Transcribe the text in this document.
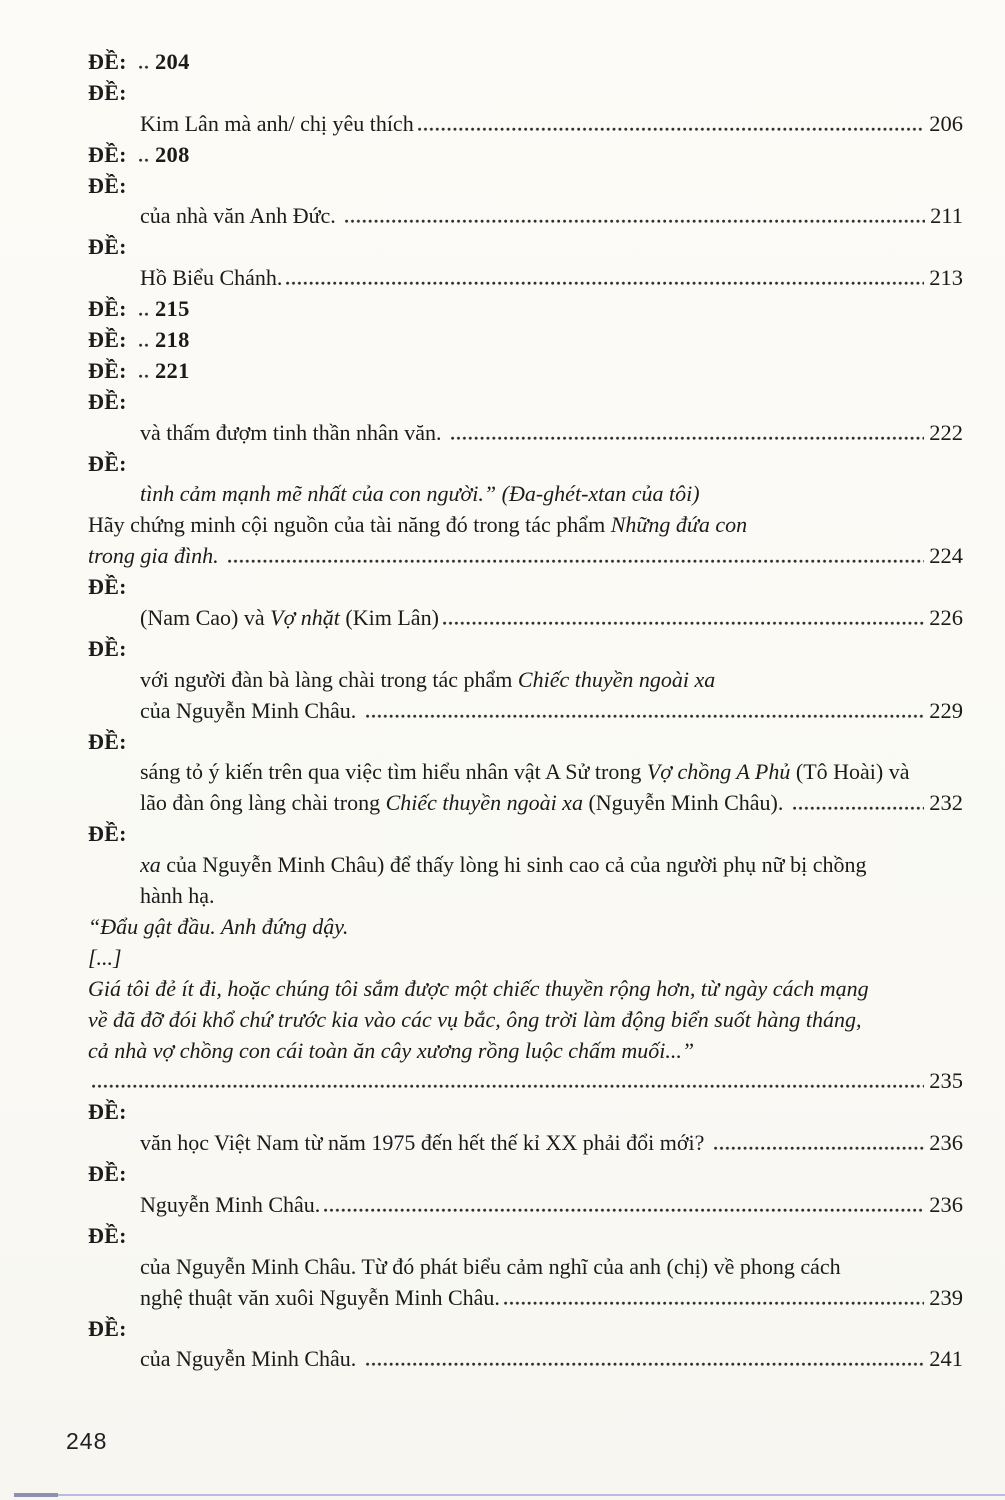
ĐỀ:	204
ĐỀ:
Kim Lân mà anh/ chị yêu thích	206
ĐỀ:	208
ĐỀ:
của nhà văn Anh Đức.	211
ĐỀ:
Hồ Biểu Chánh.	213
ĐỀ:	215
ĐỀ:	218
ĐỀ:	221
ĐỀ:
và thấm đượm tinh thần nhân văn.	222
ĐỀ:
tình cảm mạnh mẽ nhất của con người.” (Đa-ghét-xtan của tôi)
Hãy chứng minh cội nguồn của tài năng đó trong tác phẩm Những đứa con
trong gia đình.	224
ĐỀ:
(Nam Cao) và Vợ nhặt (Kim Lân)	226
ĐỀ:
với người đàn bà làng chài trong tác phẩm Chiếc thuyền ngoài xa
của Nguyễn Minh Châu.	229
ĐỀ:
sáng tỏ ý kiến trên qua việc tìm hiểu nhân vật A Sử trong Vợ chồng A Phủ (Tô Hoài) và
lão đàn ông làng chài trong Chiếc thuyền ngoài xa (Nguyễn Minh Châu).	232
ĐỀ:
xa của Nguyễn Minh Châu) để thấy lòng hi sinh cao cả của người phụ nữ bị chồng
hành hạ.
“Đẩu gật đầu. Anh đứng dậy.
[...]
Giá tôi đẻ ít đi, hoặc chúng tôi sắm được một chiếc thuyền rộng hơn, từ ngày cách mạng
về đã đỡ đói khổ chứ trước kia vào các vụ bắc, ông trời làm động biển suốt hàng tháng,
cả nhà vợ chồng con cái toàn ăn cây xương rồng luộc chấm muối...”
235
ĐỀ:
văn học Việt Nam từ năm 1975 đến hết thế kỉ XX phải đổi mới?	236
ĐỀ:
Nguyễn Minh Châu.	236
ĐỀ:
của Nguyễn Minh Châu. Từ đó phát biểu cảm nghĩ của anh (chị) về phong cách
nghệ thuật văn xuôi Nguyễn Minh Châu.	239
ĐỀ:
của Nguyễn Minh Châu.	241
248
